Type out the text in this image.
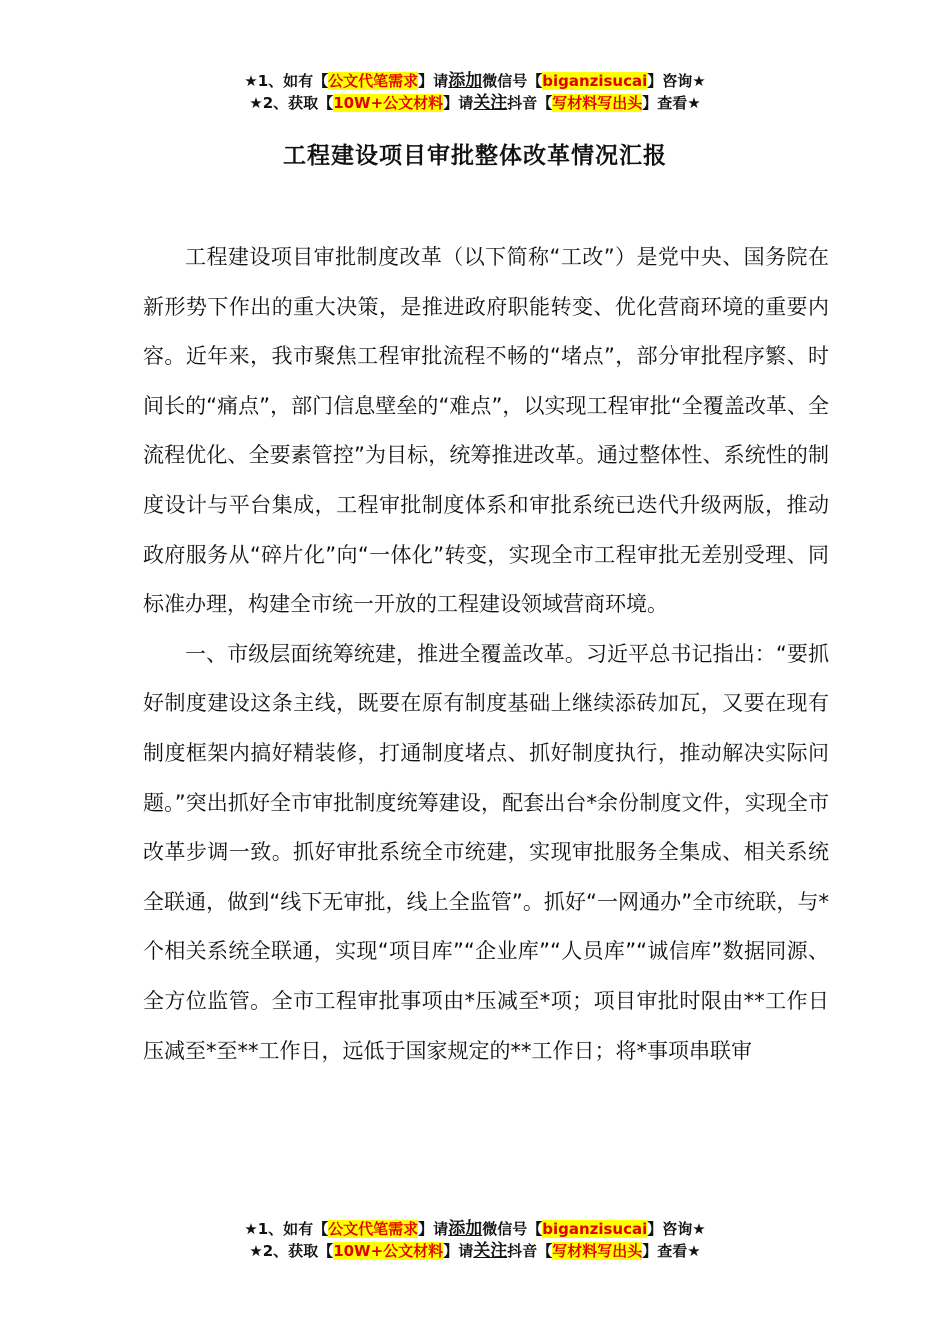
★1、如有【公文代笔需求】请添加微信号【biganzisucai】咨询★
★2、获取【10W+公文材料】请关注抖音【写材料写出头】查看★
工程建设项目审批整体改革情况汇报

工程建设项目审批制度改革（以下简称“工改”）是党中央、国务院在新形势下作出的重大决策，是推进政府职能转变、优化营商环境的重要内容。近年来，我市聚焦工程审批流程不畅的“堵点”，部分审批程序繁、时间长的“痛点”，部门信息壁垒的“难点”，以实现工程审批“全覆盖改革、全流程优化、全要素管控”为目标，统筹推进改革。通过整体性、系统性的制度设计与平台集成，工程审批制度体系和审批系统已迭代升级两版，推动政府服务从“碎片化”向“一体化”转变，实现全市工程审批无差别受理、同标准办理，构建全市统一开放的工程建设领域营商环境。

一、市级层面统筹统建，推进全覆盖改革。习近平总书记指出：“要抓好制度建设这条主线，既要在原有制度基础上继续添砖加瓦，又要在现有制度框架内搞好精装修，打通制度堵点、抓好制度执行，推动解决实际问题。”突出抓好全市审批制度统筹建设，配套出台*余份制度文件，实现全市改革步调一致。抓好审批系统全市统建，实现审批服务全集成、相关系统全联通，做到“线下无审批，线上全监管”。抓好“一网通办”全市统联，与*个相关系统全联通，实现“项目库”“企业库”“人员库”“诚信库”数据同源、全方位监管。全市工程审批事项由*压减至*项；项目审批时限由**工作日压减至*至**工作日，远低于国家规定的**工作日；将*事项串联审

★1、如有【公文代笔需求】请添加微信号【biganzisucai】咨询★
★2、获取【10W+公文材料】请关注抖音【写材料写出头】查看★
